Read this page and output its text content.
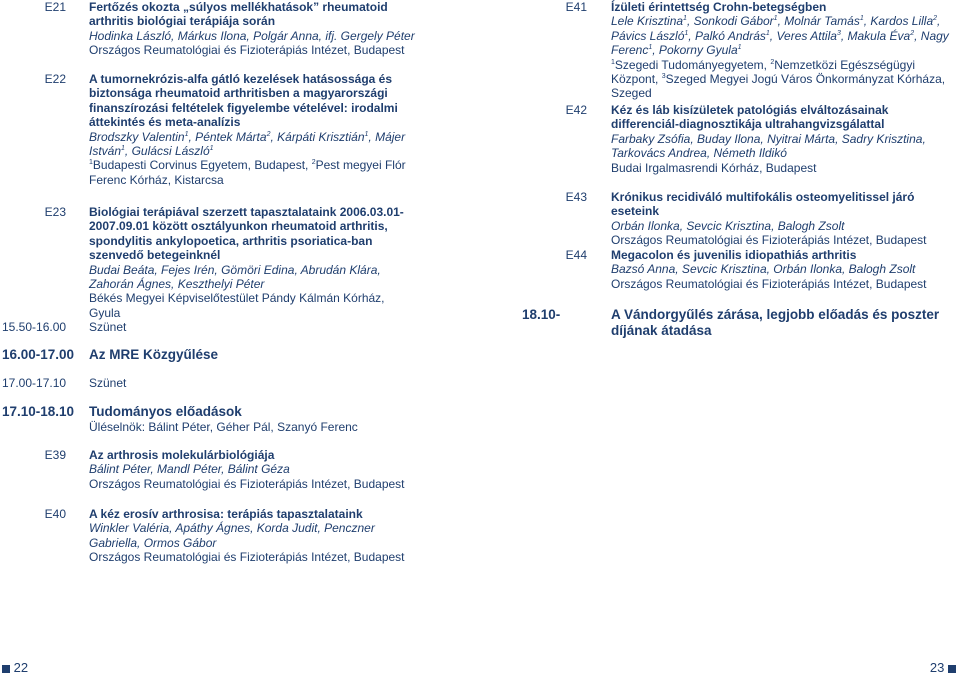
E21 Fertőzés okozta „súlyos mellékhatások” rheumatoid arthritis biológiai terápiája során
Hodinka László, Márkus Ilona, Polgár Anna, ifj. Gergely Péter
Országos Reumatológiai és Fizioterápiás Intézet, Budapest
E22 A tumornekrózis-alfa gátló kezelések hatásossága és biztonsága rheumatoid arthritisben a magyarországi finanszírozási feltételek figyelembe vételével: irodalmi áttekintés és meta-analízis
Brodszky Valentin$^1$, Péntek Márta$^2$, Kárpáti Krisztián$^1$, Májer István$^1$, Gulácsi László$^1$
$^1$Budapesti Corvinus Egyetem, Budapest, $^2$Pest megyei Flór Ferenc Kórház, Kistarcsa
E23 Biológiai terápiával szerzett tapasztalataink 2006.03.01-2007.09.01 között osztályunkon rheumatoid arthritis, spondylitis ankylopoetica, arthritis psoriatica-ban szenvedő betegeinknél
Budai Beáta, Fejes Irén, Gömöri Edina, Abrudán Klára, Zahorán Ágnes, Keszthelyi Péter
Békés Megyei Képviselőtestület Pándy Kálmán Kórház, Gyula
15.50-16.00 Szünet
16.00-17.00 Az MRE Közgyűlése
17.00-17.10 Szünet
17.10-18.10 Tudományos előadások
Üléselnök: Bálint Péter, Géher Pál, Szanyó Ferenc
E39 Az arthrosis molekulárbiológiája
Bálint Péter, Mandl Péter, Bálint Géza
Országos Reumatológiai és Fizioterápiás Intézet, Budapest
E40 A kéz erosív arthrosisa: terápiás tapasztalataink
Winkler Valéria, Apáthy Ágnes, Korda Judit, Penczner Gabriella, Ormos Gábor
Országos Reumatológiai és Fizioterápiás Intézet, Budapest
E41 Ízületi érintettség Crohn-betegségben
Lele Krisztina$^1$, Sonkodi Gábor$^1$, Molnár Tamás$^1$, Kardos Lilla$^2$, Pávics László$^1$, Palkó András$^1$, Veres Attila$^3$, Makula Éva$^2$, Nagy Ferenc$^1$, Pokorny Gyula$^1$
$^1$Szegedi Tudományegyetem, $^2$Nemzetközi Egészségügyi Központ, $^3$Szeged Megyei Jogú Város Önkormányzat Kórháza, Szeged
E42 Kéz és láb kisízületek patológiás elváltozásainak differenciál-diagnosztikája ultrahangvizsgálattal
Farbaky Zsófia, Buday Ilona, Nyitrai Márta, Sadry Krisztina, Tarkovács Andrea, Németh Ildikó
Budai Irgalmasrendi Kórház, Budapest
E43 Krónikus recidiváló multifokális osteomyelitissel járó eseteink
Orbán Ilonka, Sevcic Krisztina, Balogh Zsolt
Országos Reumatológiai és Fizioterápiás Intézet, Budapest
E44 Megacolon és juvenilis idiopathiás arthritis
Bazsó Anna, Sevcic Krisztina, Orbán Ilonka, Balogh Zsolt
Országos Reumatológiai és Fizioterápiás Intézet, Budapest
18.10-	A Vándorgyűlés zárása, legjobb előadás és poszter díjának átadása
22	23
